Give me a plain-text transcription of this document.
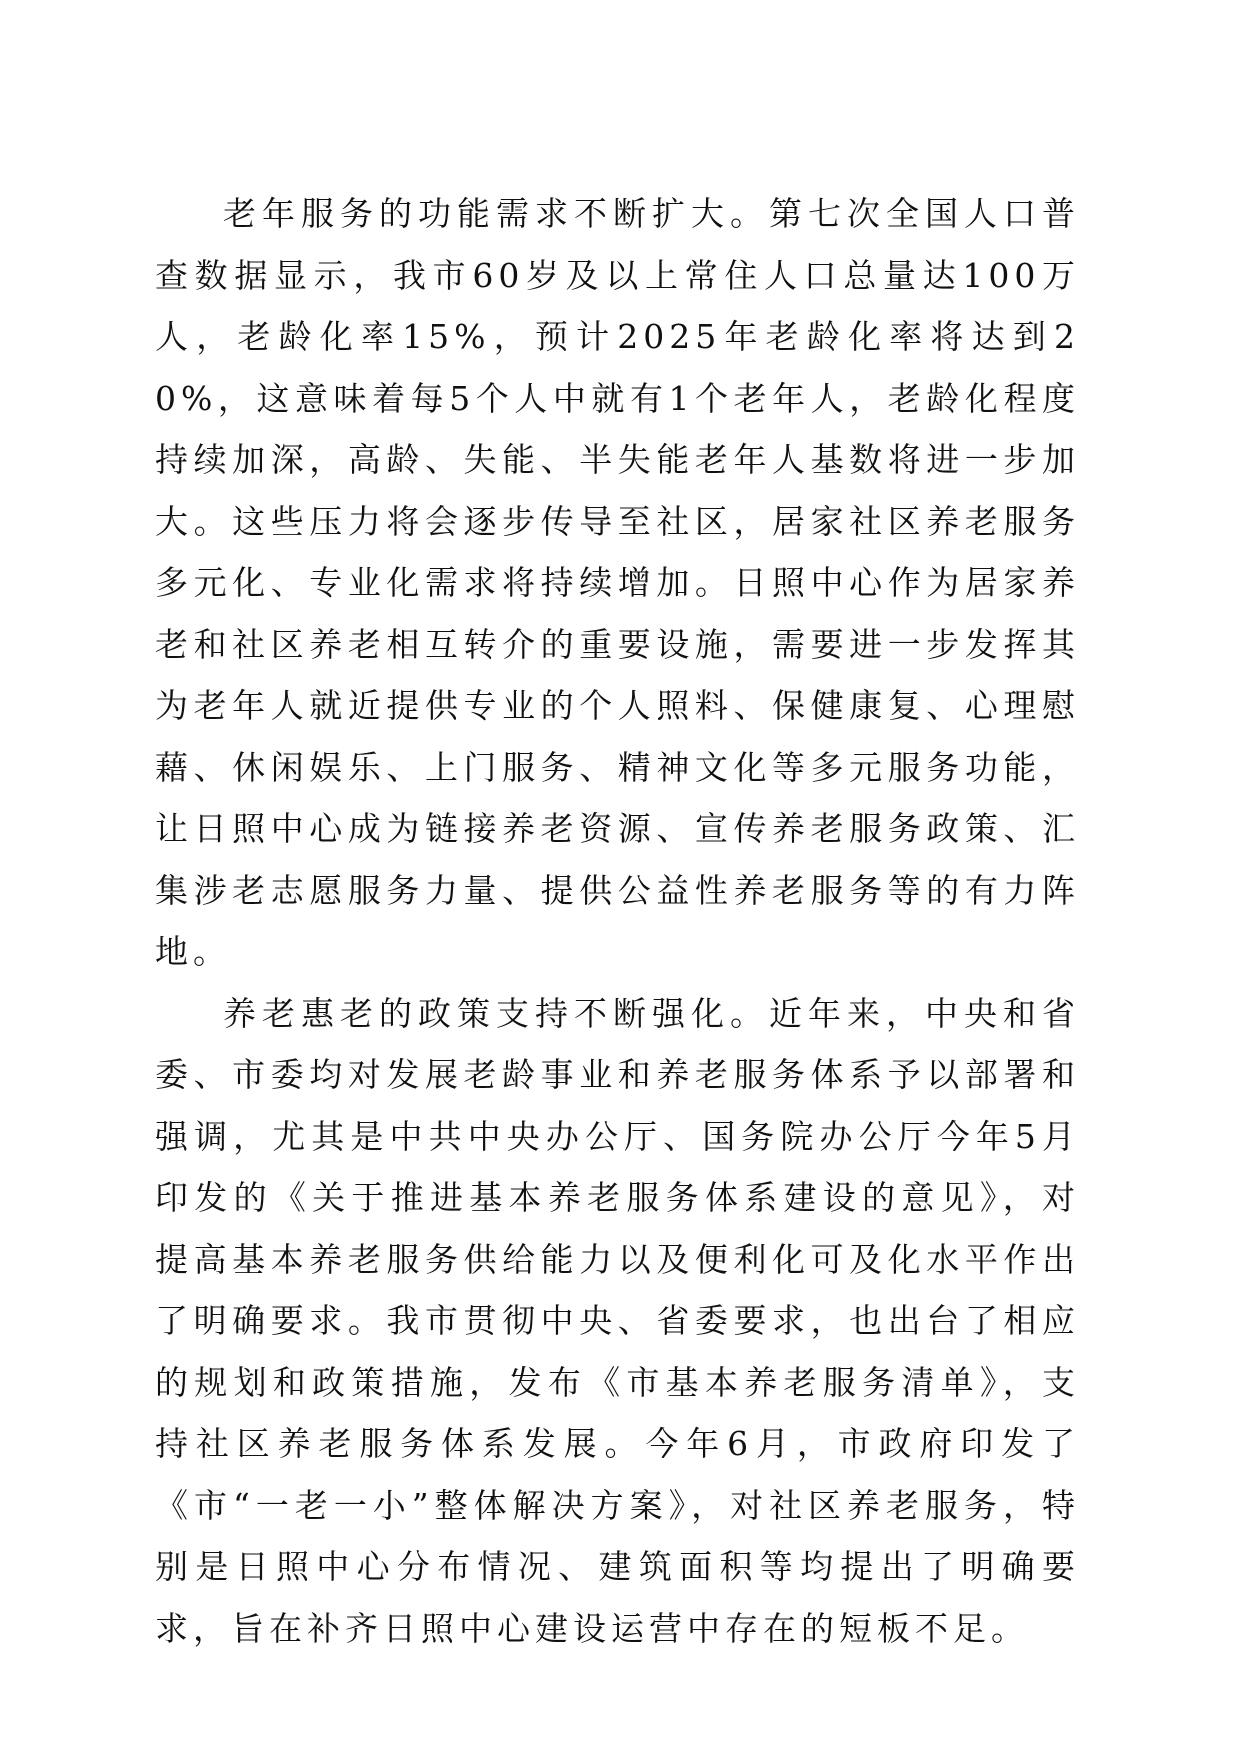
老年服务的功能需求不断扩大。第七次全国人口普查数据显示，我市60岁及以上常住人口总量达100万人，老龄化率15%，预计2025年老龄化率将达到20%，这意味着每5个人中就有1个老年人，老龄化程度持续加深，高龄、失能、半失能老年人基数将进一步加大。这些压力将会逐步传导至社区，居家社区养老服务多元化、专业化需求将持续增加。日照中心作为居家养老和社区养老相互转介的重要设施，需要进一步发挥其为老年人就近提供专业的个人照料、保健康复、心理慰藉、休闲娱乐、上门服务、精神文化等多元服务功能，让日照中心成为链接养老资源、宣传养老服务政策、汇集涉老志愿服务力量、提供公益性养老服务等的有力阵地。

养老惠老的政策支持不断强化。近年来，中央和省委、市委均对发展老龄事业和养老服务体系予以部署和强调，尤其是中共中央办公厅、国务院办公厅今年5月印发的《关于推进基本养老服务体系建设的意见》，对提高基本养老服务供给能力以及便利化可及化水平作出了明确要求。我市贯彻中央、省委要求，也出台了相应的规划和政策措施，发布《市基本养老服务清单》，支持社区养老服务体系发展。今年6月，市政府印发了《市“一老一小”整体解决方案》，对社区养老服务，特别是日照中心分布情况、建筑面积等均提出了明确要求，旨在补齐日照中心建设运营中存在的短板不足。
